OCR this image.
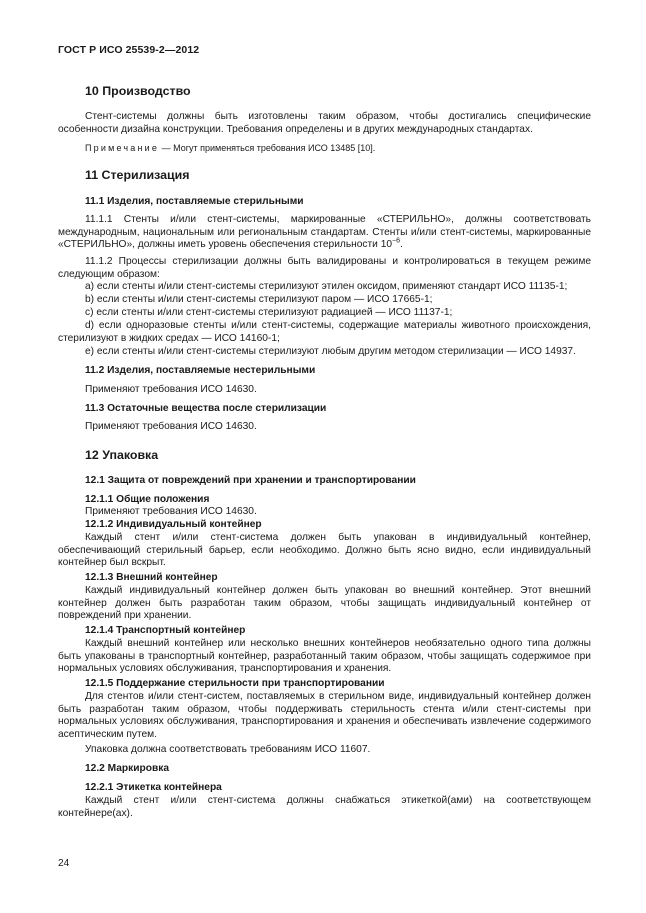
ГОСТ Р ИСО 25539-2—2012
10 Производство
Стент-системы должны быть изготовлены таким образом, чтобы достигались специфические особенности дизайна конструкции. Требования определены и в других международных стандартах.
Примечание — Могут применяться требования ИСО 13485 [10].
11 Стерилизация
11.1 Изделия, поставляемые стерильными
11.1.1 Стенты и/или стент-системы, маркированные «СТЕРИЛЬНО», должны соответствовать международным, национальным или региональным стандартам. Стенты и/или стент-системы, маркированные «СТЕРИЛЬНО», должны иметь уровень обеспечения стерильности $10^{-6}$.
11.1.2 Процессы стерилизации должны быть валидированы и контролироваться в текущем режиме следующим образом:
a) если стенты и/или стент-системы стерилизуют этилен оксидом, применяют стандарт ИСО 11135-1;
b) если стенты и/или стент-системы стерилизуют паром — ИСО 17665-1;
c) если стенты и/или стент-системы стерилизуют радиацией — ИСО 11137-1;
d) если одноразовые стенты и/или стент-системы, содержащие материалы животного происхождения, стерилизуют в жидких средах — ИСО 14160-1;
e) если стенты и/или стент-системы стерилизуют любым другим методом стерилизации — ИСО 14937.
11.2 Изделия, поставляемые нестерильными
Применяют требования ИСО 14630.
11.3 Остаточные вещества после стерилизации
Применяют требования ИСО 14630.
12 Упаковка
12.1 Защита от повреждений при хранении и транспортировании
12.1.1 Общие положения
Применяют требования ИСО 14630.
12.1.2 Индивидуальный контейнер
Каждый стент и/или стент-система должен быть упакован в индивидуальный контейнер, обеспечивающий стерильный барьер, если необходимо. Должно быть ясно видно, если индивидуальный контейнер был вскрыт.
12.1.3 Внешний контейнер
Каждый индивидуальный контейнер должен быть упакован во внешний контейнер. Этот внешний контейнер должен быть разработан таким образом, чтобы защищать индивидуальный контейнер от повреждений при хранении.
12.1.4 Транспортный контейнер
Каждый внешний контейнер или несколько внешних контейнеров необязательно одного типа должны быть упакованы в транспортный контейнер, разработанный таким образом, чтобы защищать содержимое при нормальных условиях обслуживания, транспортирования и хранения.
12.1.5 Поддержание стерильности при транспортировании
Для стентов и/или стент-систем, поставляемых в стерильном виде, индивидуальный контейнер должен быть разработан таким образом, чтобы поддерживать стерильность стента и/или стент-системы при нормальных условиях обслуживания, транспортирования и хранения и обеспечивать извлечение содержимого асептическим путем.
Упаковка должна соответствовать требованиям ИСО 11607.
12.2 Маркировка
12.2.1 Этикетка контейнера
Каждый стент и/или стент-система должны снабжаться этикеткой(ами) на соответствующем контейнере(ах).
24
